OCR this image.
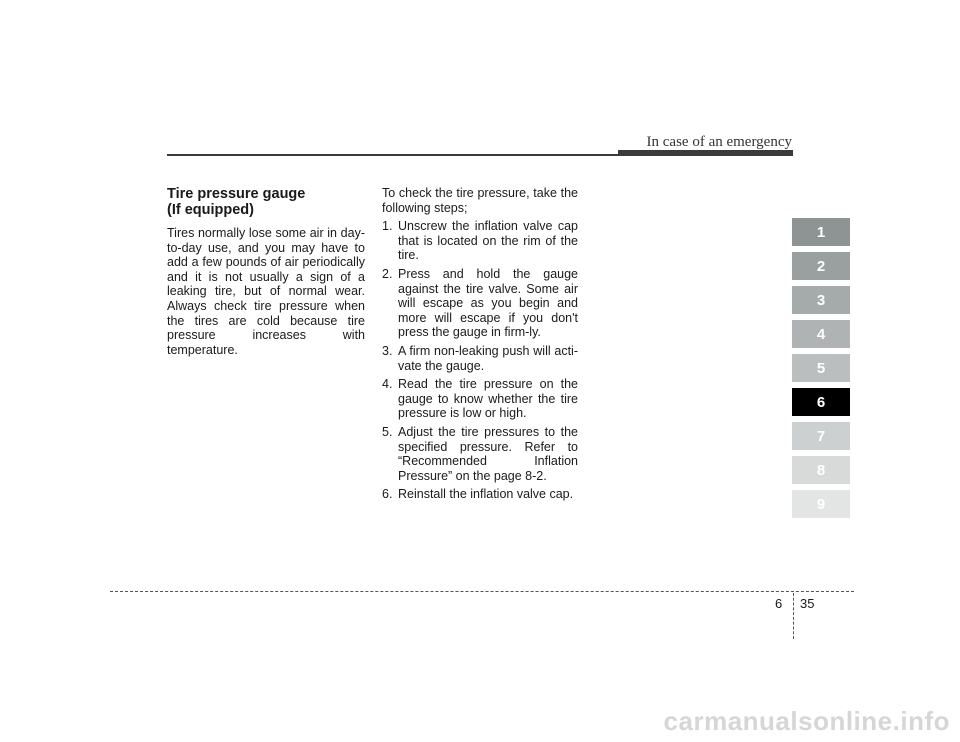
In case of an emergency
Tire pressure gauge
(If equipped)

Tires normally lose some air in day-to-day use, and you may have to add a few pounds of air periodically and it is not usually a sign of a leaking tire, but of normal wear. Always check tire pressure when the tires are cold because tire pressure increases with temperature.

To check the tire pressure, take the following steps;

1. Unscrew the inflation valve cap that is located on the rim of the tire.
2. Press and hold the gauge against the tire valve. Some air will escape as you begin and more will escape if you don't press the gauge in firm-ly.
3. A firm non-leaking push will acti-vate the gauge.
4. Read the tire pressure on the gauge to know whether the tire pressure is low or high.
5. Adjust the tire pressures to the specified pressure. Refer to “Recommended Inflation Pressure” on the page 8-2.
6. Reinstall the inflation valve cap.
1
2
3
4
5
6
7
8
9
6 35
carmanualsonline.info
